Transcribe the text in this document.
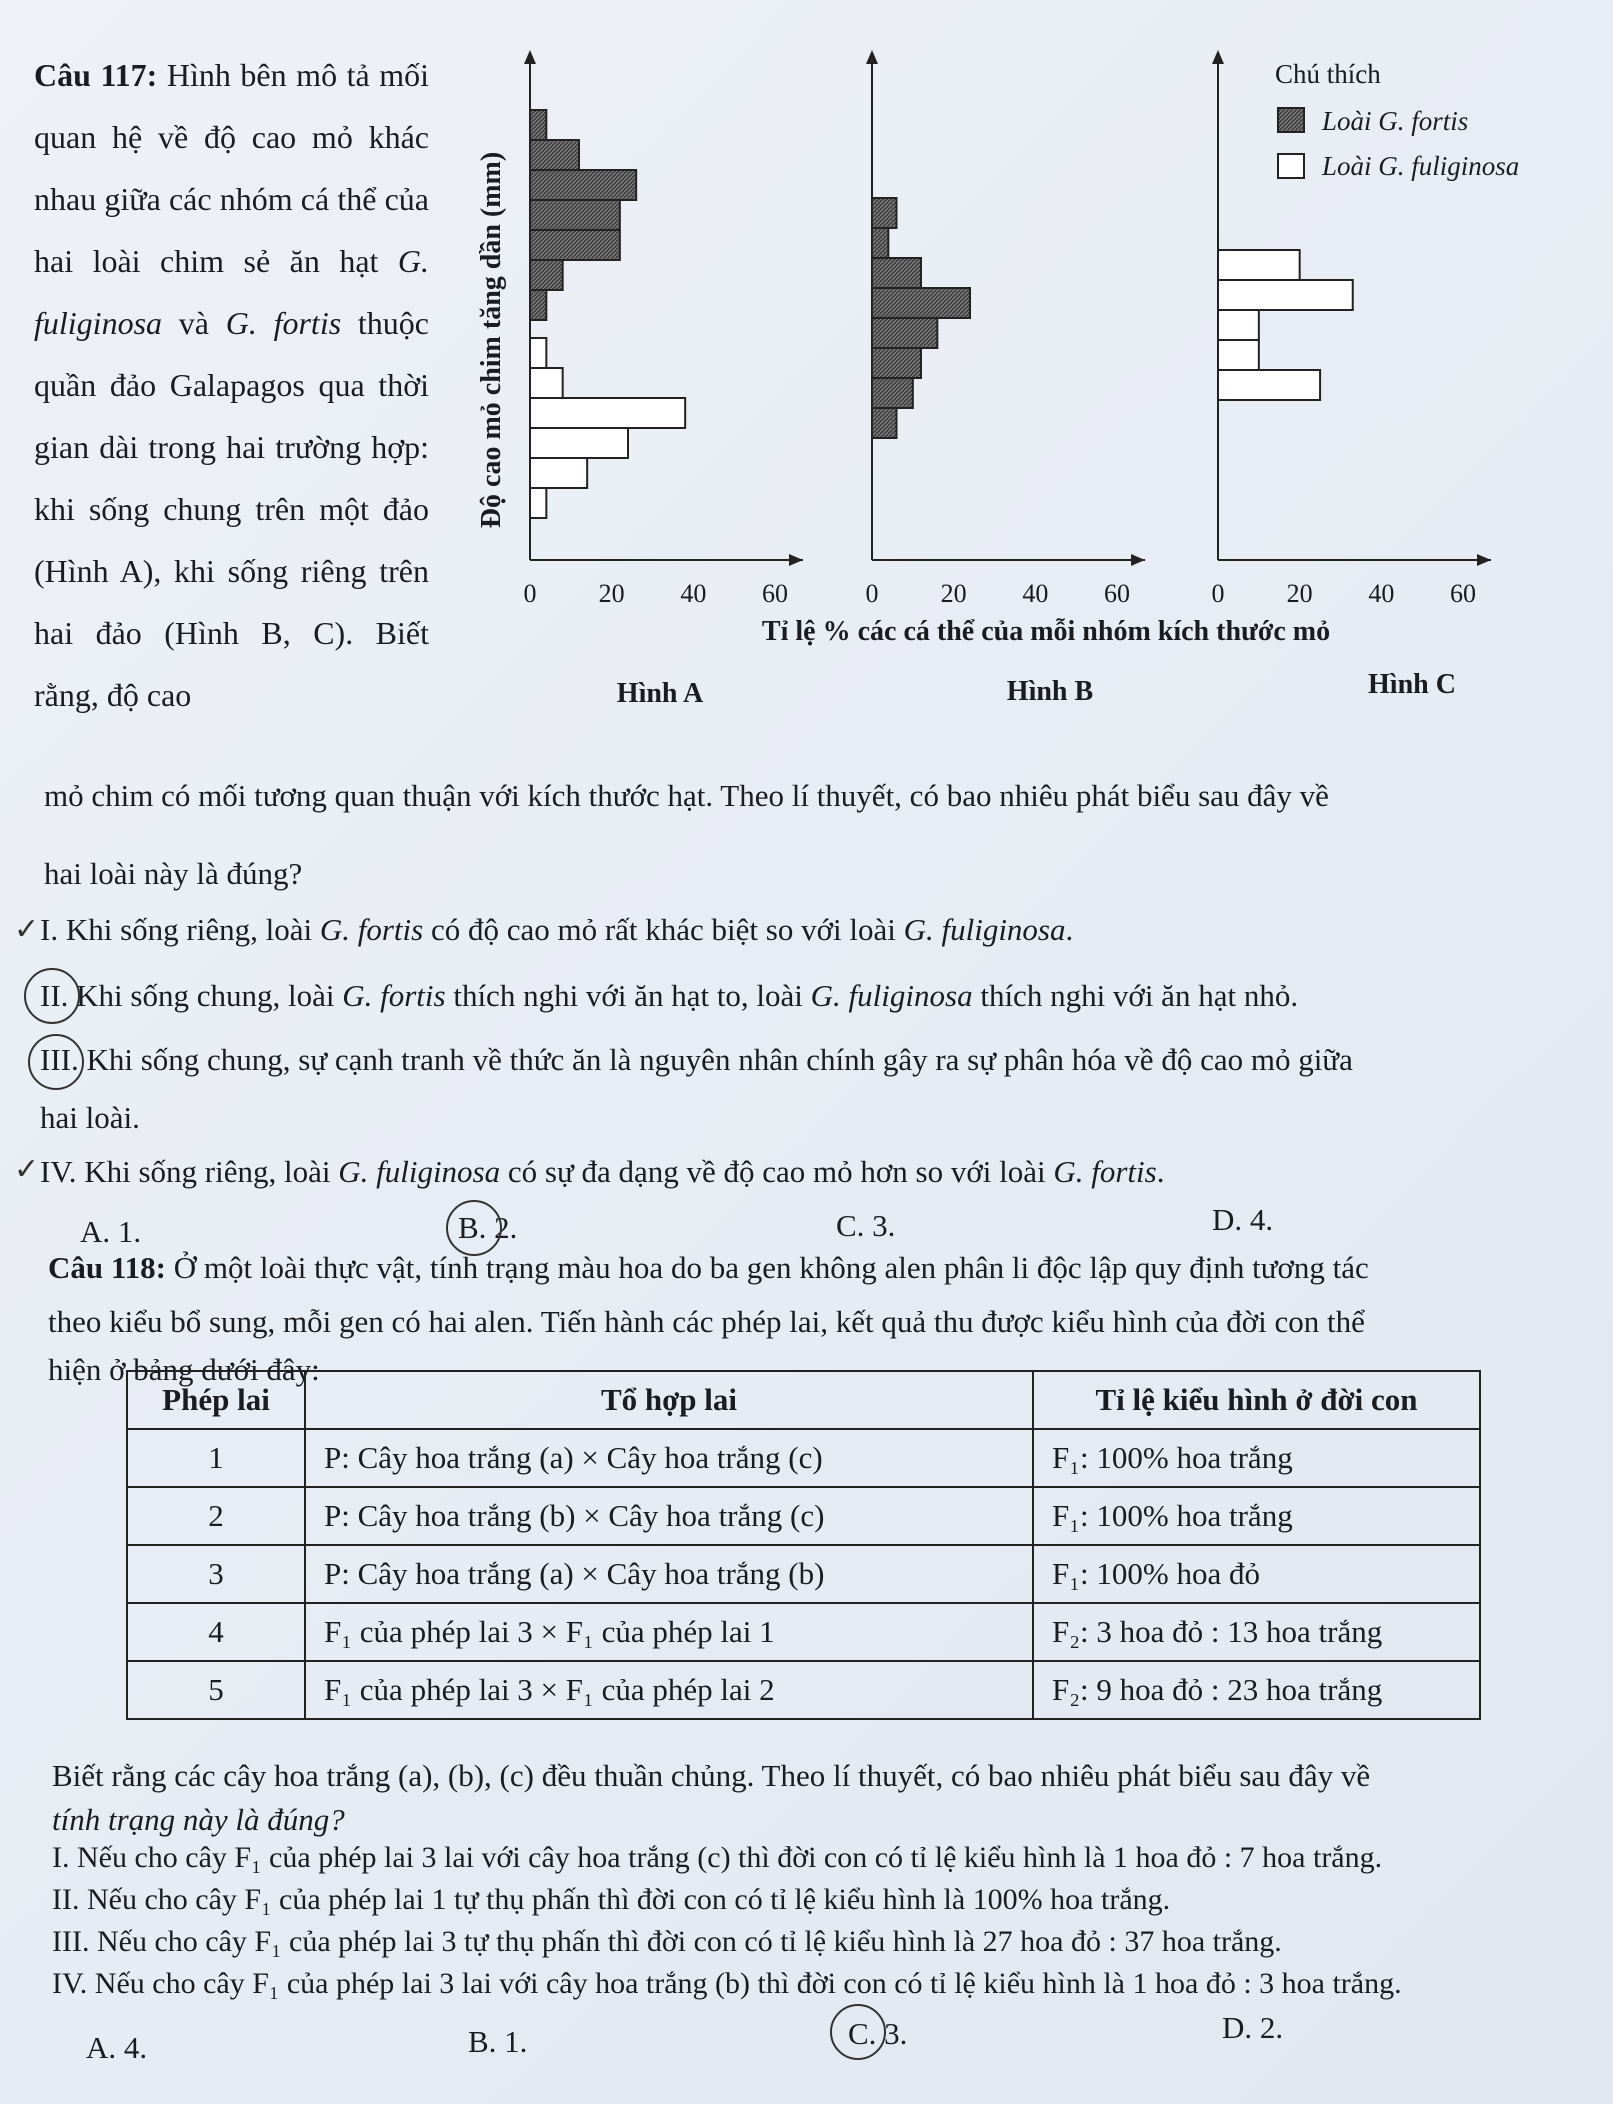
Câu 117: Hình bên mô tả mối quan hệ về độ cao mỏ khác nhau giữa các nhóm cá thể của hai loài chim sẻ ăn hạt G. fuliginosa và G. fortis thuộc quần đảo Galapagos qua thời gian dài trong hai trường hợp: khi sống chung trên một đảo (Hình A), khi sống riêng trên hai đảo (Hình B, C). Biết rằng, độ cao
Độ cao mỏ chim tăng dần (mm)
0 20 40 60	0 20 40 60	0 20 40 60
Tỉ lệ % các cá thể của mỗi nhóm kích thước mỏ
Hình A	Hình B	Hình C
Chú thích
Loài G. fortis
Loài G. fuliginosa
mỏ chim có mối tương quan thuận với kích thước hạt. Theo lí thuyết, có bao nhiêu phát biểu sau đây về
hai loài này là đúng?
I. Khi sống riêng, loài G. fortis có độ cao mỏ rất khác biệt so với loài G. fuliginosa.
II. Khi sống chung, loài G. fortis thích nghi với ăn hạt to, loài G. fuliginosa thích nghi với ăn hạt nhỏ.
III. Khi sống chung, sự cạnh tranh về thức ăn là nguyên nhân chính gây ra sự phân hóa về độ cao mỏ giữa
hai loài.
IV. Khi sống riêng, loài G. fuliginosa có sự đa dạng về độ cao mỏ hơn so với loài G. fortis.
✓
✓
A. 1.	B. 2.	C. 3.	D. 4.
Câu 118: Ở một loài thực vật, tính trạng màu hoa do ba gen không alen phân li độc lập quy định tương tác
theo kiểu bổ sung, mỗi gen có hai alen. Tiến hành các phép lai, kết quả thu được kiểu hình của đời con thể
hiện ở bảng dưới đây:
Phép lai	Tổ hợp lai	Tỉ lệ kiểu hình ở đời con
1	P: Cây hoa trắng (a) × Cây hoa trắng (c)	F₁: 100% hoa trắng
2	P: Cây hoa trắng (b) × Cây hoa trắng (c)	F₁: 100% hoa trắng
3	P: Cây hoa trắng (a) × Cây hoa trắng (b)	F₁: 100% hoa đỏ
4	F₁ của phép lai 3 × F₁ của phép lai 1	F₂: 3 hoa đỏ : 13 hoa trắng
5	F₁ của phép lai 3 × F₁ của phép lai 2	F₂: 9 hoa đỏ : 23 hoa trắng
Biết rằng các cây hoa trắng (a), (b), (c) đều thuần chủng. Theo lí thuyết, có bao nhiêu phát biểu sau đây về
tính trạng này là đúng?
I. Nếu cho cây F₁ của phép lai 3 lai với cây hoa trắng (c) thì đời con có tỉ lệ kiểu hình là 1 hoa đỏ : 7 hoa trắng.
II. Nếu cho cây F₁ của phép lai 1 tự thụ phấn thì đời con có tỉ lệ kiểu hình là 100% hoa trắng.
III. Nếu cho cây F₁ của phép lai 3 tự thụ phấn thì đời con có tỉ lệ kiểu hình là 27 hoa đỏ : 37 hoa trắng.
IV. Nếu cho cây F₁ của phép lai 3 lai với cây hoa trắng (b) thì đời con có tỉ lệ kiểu hình là 1 hoa đỏ : 3 hoa trắng.
A. 4.	B. 1.	C. 3.	D. 2.
